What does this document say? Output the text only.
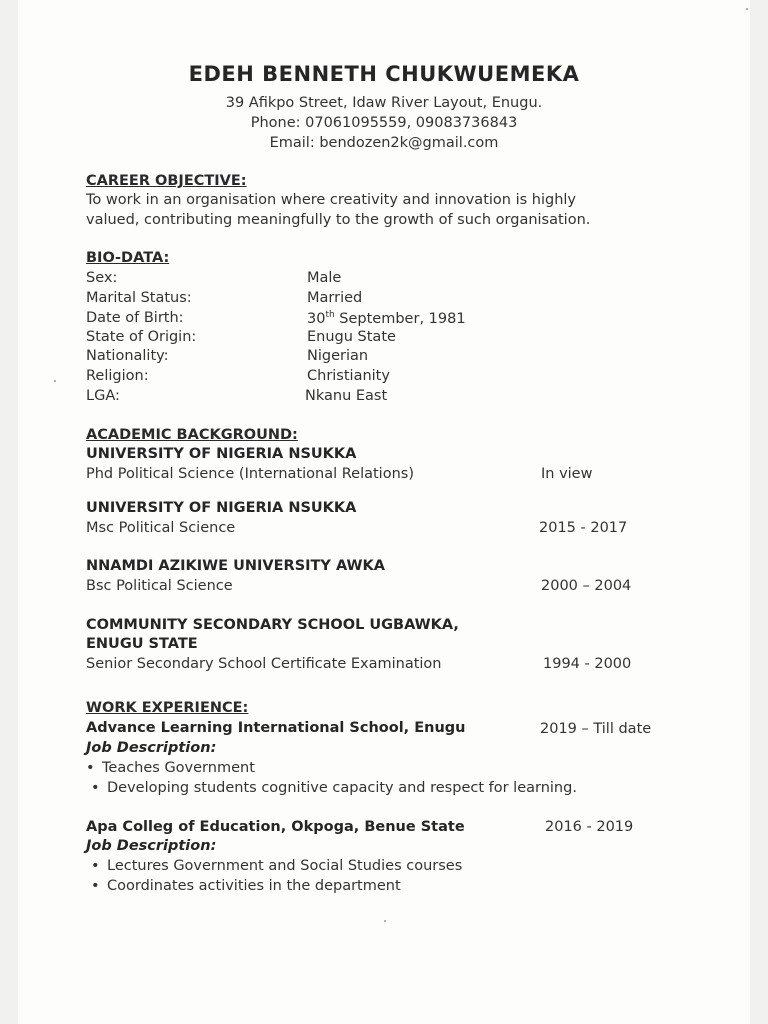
EDEH BENNETH CHUKWUEMEKA
39 Afikpo Street, Idaw River Layout, Enugu.
Phone: 07061095559, 09083736843
Email: bendozen2k@gmail.com
CAREER OBJECTIVE:
To work in an organisation where creativity and innovation is highly
valued, contributing meaningfully to the growth of such organisation.
BIO-DATA:
Sex:	Male
Marital Status:	Married
Date of Birth:	30th September, 1981
State of Origin:	Enugu State
Nationality:	Nigerian
Religion:	Christianity
LGA:	Nkanu East
ACADEMIC BACKGROUND:
UNIVERSITY OF NIGERIA NSUKKA
Phd Political Science (International Relations)	In view
UNIVERSITY OF NIGERIA NSUKKA
Msc Political Science	2015 - 2017
NNAMDI AZIKIWE UNIVERSITY AWKA
Bsc Political Science	2000 – 2004
COMMUNITY SECONDARY SCHOOL UGBAWKA,
ENUGU STATE
Senior Secondary School Certificate Examination	1994 - 2000
WORK EXPERIENCE:
Advance Learning International School, Enugu	2019 – Till date
Job Description:
• Teaches Government
• Developing students cognitive capacity and respect for learning.
Apa Colleg of Education, Okpoga, Benue State	2016 - 2019
Job Description:
• Lectures Government and Social Studies courses
• Coordinates activities in the department
